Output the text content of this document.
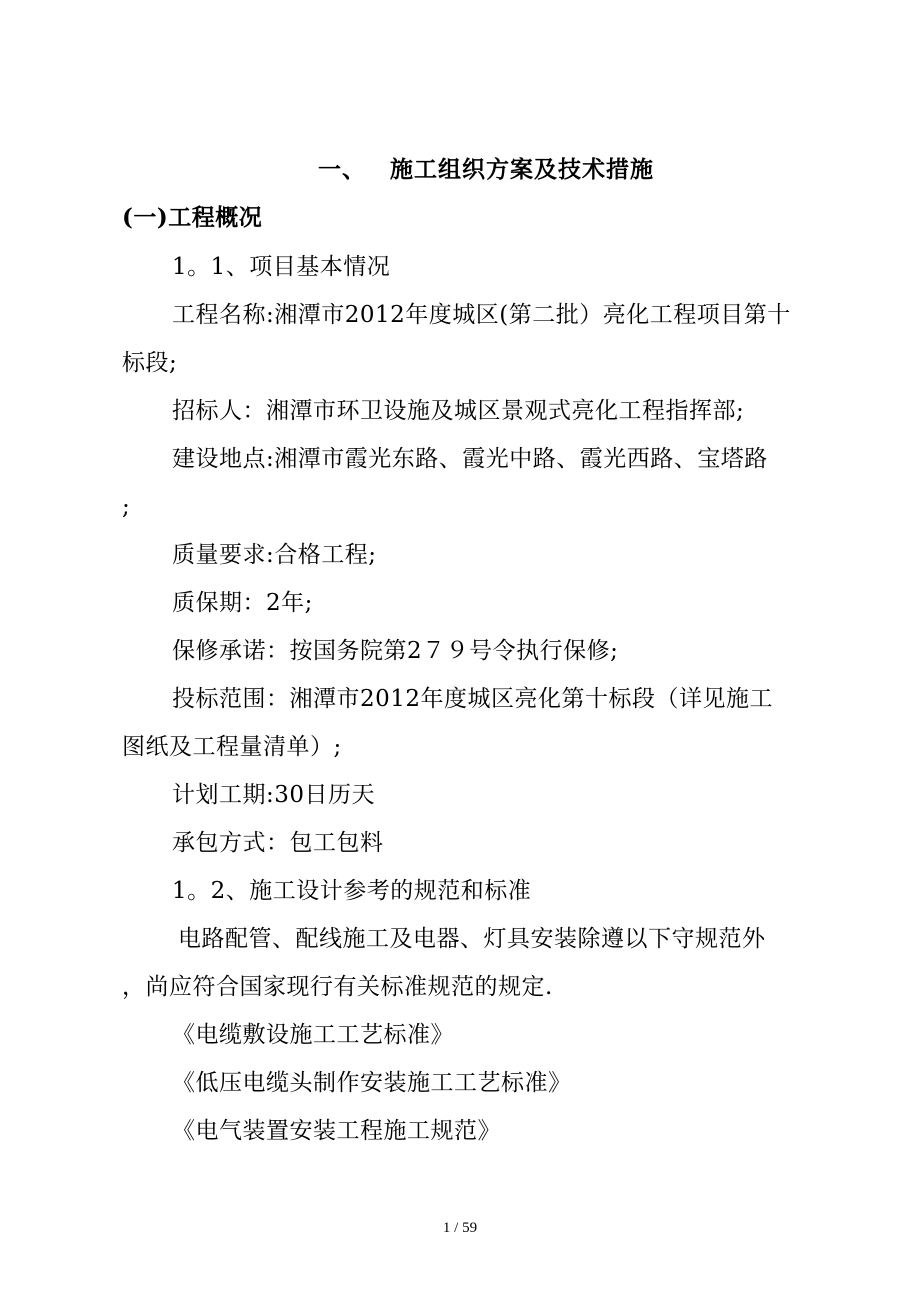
一、 施工组织方案及技术措施
(一)工程概况
1。1、项目基本情况
工程名称:湘潭市2012年度城区(第二批）亮化工程项目第十
标段;
招标人：湘潭市环卫设施及城区景观式亮化工程指挥部;
建设地点:湘潭市霞光东路、霞光中路、霞光西路、宝塔路
;
质量要求:合格工程;
质保期：2年;
保修承诺：按国务院第2７９号令执行保修;
投标范围：湘潭市2012年度城区亮化第十标段（详见施工
图纸及工程量清单）;
计划工期:30日历天
承包方式：包工包料
1。2、施工设计参考的规范和标准
电路配管、配线施工及电器、灯具安装除遵以下守规范外
，尚应符合国家现行有关标准规范的规定.
《电缆敷设施工工艺标准》
《低压电缆头制作安装施工工艺标准》
《电气装置安装工程施工规范》
1 / 59
